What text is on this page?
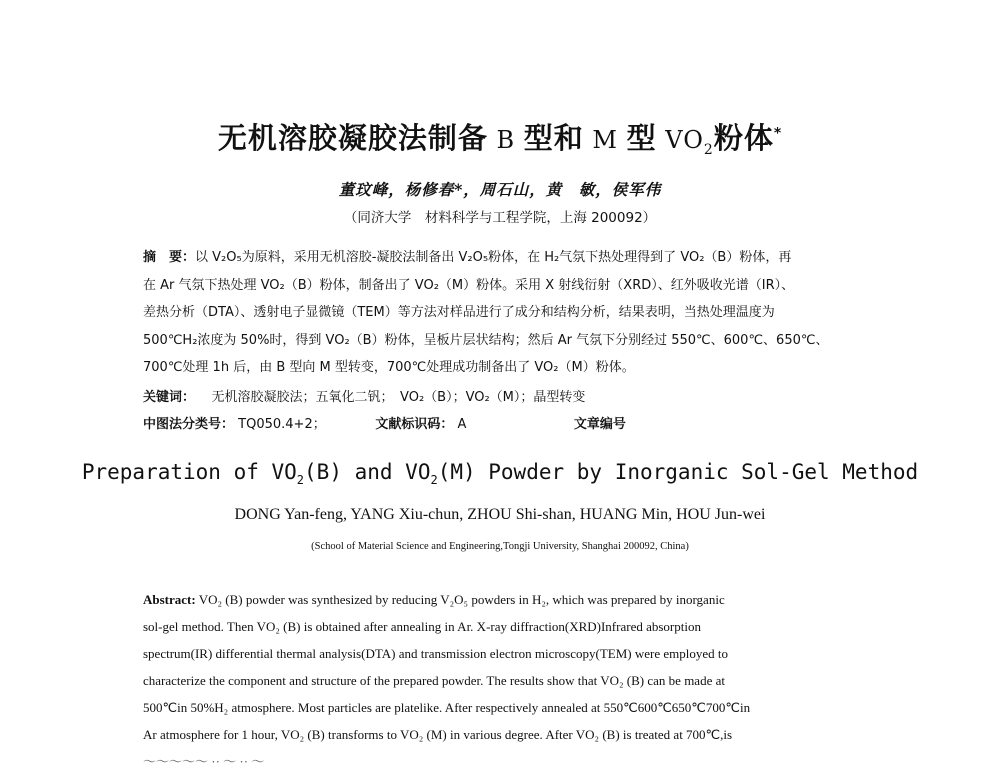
无机溶胶凝胶法制备 B 型和 M 型 $VO_2$粉体*
董玟峰，杨修春*，周石山，黄　敏，侯军伟
（同济大学　材料科学与工程学院，上海 200092）

摘　要：以 V₂O₅为原料，采用无机溶胶-凝胶法制备出 V₂O₅粉体，在 H₂气氛下热处理得到了 VO₂（B）粉体，再

在 Ar 气氛下热处理 VO₂（B）粉体，制备出了 VO₂（M）粉体。采用 X 射线衍射（XRD）、红外吸收光谱（IR）、

差热分析（DTA）、透射电子显微镜（TEM）等方法对样品进行了成分和结构分析，结果表明，当热处理温度为

500℃H₂浓度为 50%时，得到 VO₂（B）粉体，呈板片层状结构；然后 Ar 气氛下分别经过 550℃、600℃、650℃、

700℃处理 1h 后，由 B 型向 M 型转变，700℃处理成功制备出了 VO₂（M）粉体。

关键词： 无机溶胶凝胶法；五氧化二钒；　VO₂（B）；VO₂（M）；晶型转变
中图法分类号： TQ050.4+2；	文献标识码： A	文章编号
Preparation of $VO_2(B)$ and $VO_2(M)$ Powder by Inorganic Sol-Gel Method
DONG Yan-feng, YANG Xiu-chun, ZHOU Shi-shan, HUANG Min, HOU Jun-wei
(School of Material Science and Engineering,Tongji University, Shanghai 200092, China)

Abstract: VO₂ (B) powder was synthesized by reducing V₂O₅ powders in H₂, which was prepared by inorganic

sol-gel method. Then VO₂ (B) is obtained after annealing in Ar. X-ray diffraction(XRD)Infrared absorption

spectrum(IR) differential thermal analysis(DTA) and transmission electron microscopy(TEM) were employed to

characterize the component and structure of the prepared powder. The results show that VO₂ (B) can be made at

500℃in 50%H₂ atmosphere. Most particles are platelike. After respectively annealed at 550℃600℃650℃700℃in

Ar atmosphere for 1 hour, VO₂ (B) transforms to VO₂ (M) in various degree. After VO₂ (B) is treated at 700℃,is

～～～～～ ·· ～ ·· ～
